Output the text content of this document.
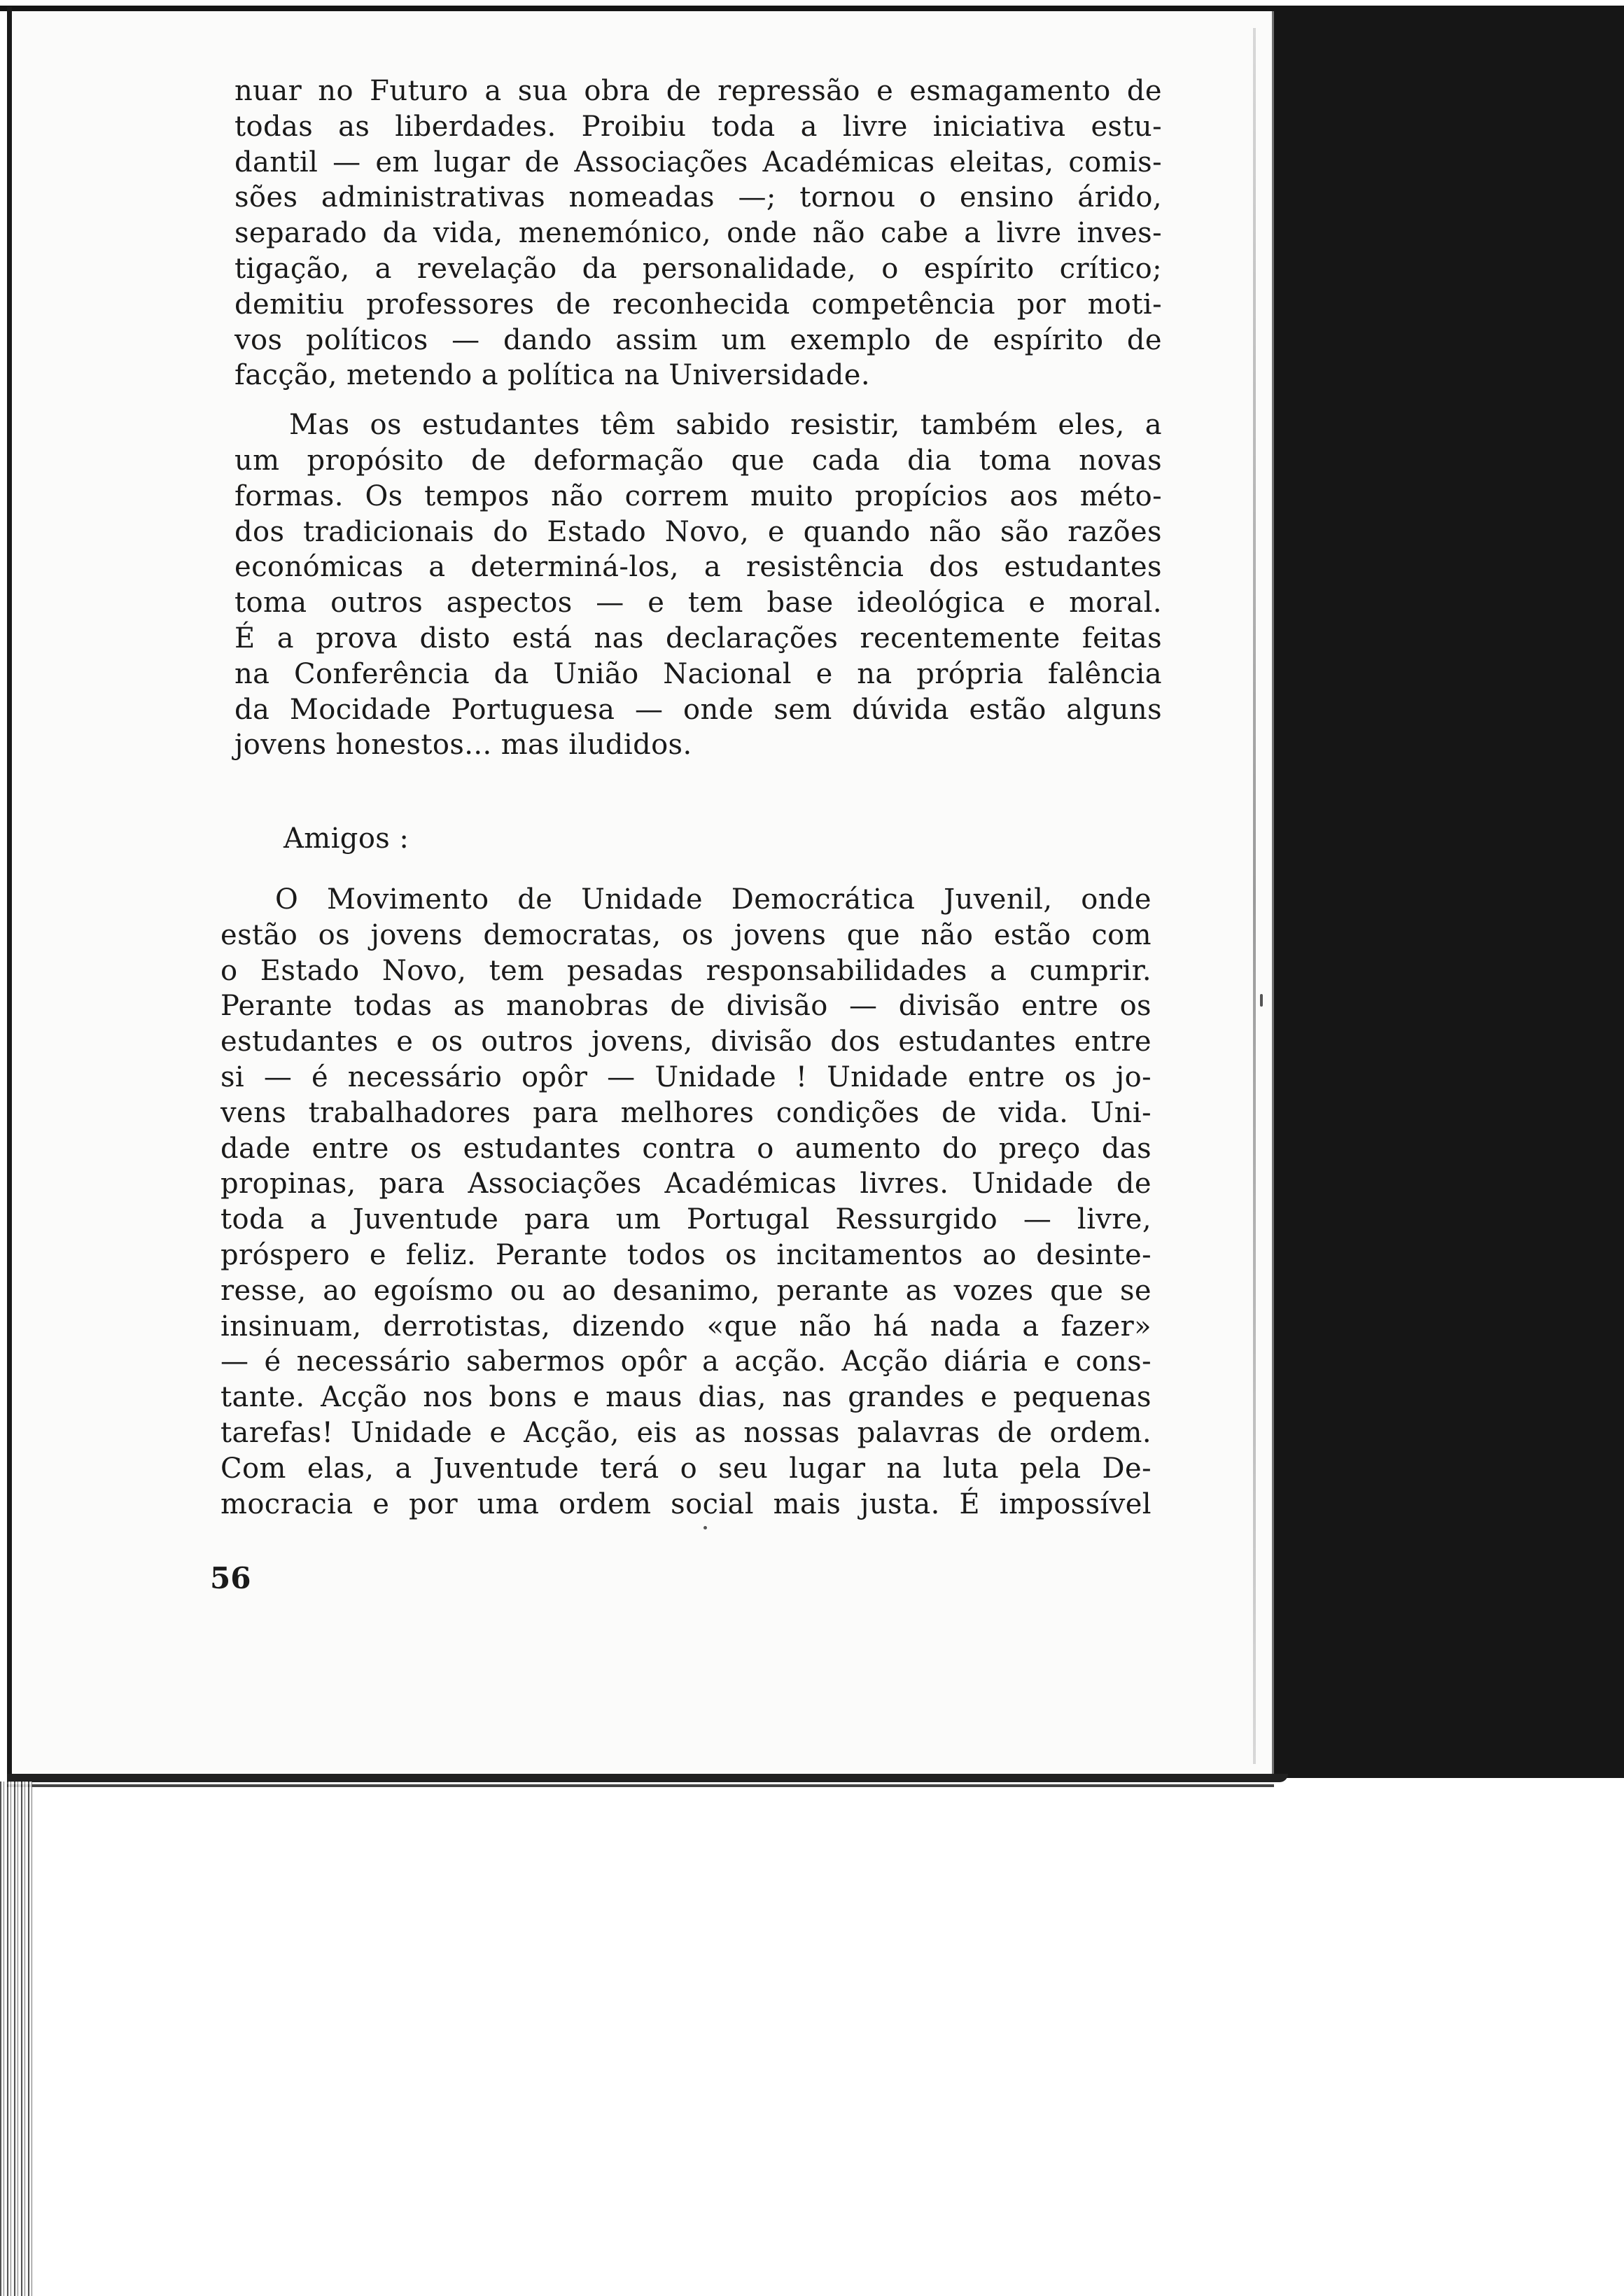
nuar no Futuro a sua obra de repressão e esmagamento de
todas as liberdades. Proibiu toda a livre iniciativa estu-
dantil — em lugar de Associações Académicas eleitas, comis-
sões administrativas nomeadas —; tornou o ensino árido,
separado da vida, menemónico, onde não cabe a livre inves-
tigação, a revelação da personalidade, o espírito crítico;
demitiu professores de reconhecida competência por moti-
vos políticos — dando assim um exemplo de espírito de
facção, metendo a política na Universidade.
Mas os estudantes têm sabido resistir, também eles, a
um propósito de deformação que cada dia toma novas
formas. Os tempos não correm muito propícios aos méto-
dos tradicionais do Estado Novo, e quando não são razões
económicas a determiná-los, a resistência dos estudantes
toma outros aspectos — e tem base ideológica e moral.
É a prova disto está nas declarações recentemente feitas
na Conferência da União Nacional e na própria falência
da Mocidade Portuguesa — onde sem dúvida estão alguns
jovens honestos... mas iludidos.
Amigos :
O Movimento de Unidade Democrática Juvenil, onde
estão os jovens democratas, os jovens que não estão com
o Estado Novo, tem pesadas responsabilidades a cumprir.
Perante todas as manobras de divisão — divisão entre os
estudantes e os outros jovens, divisão dos estudantes entre
si — é necessário opôr — Unidade ! Unidade entre os jo-
vens trabalhadores para melhores condições de vida. Uni-
dade entre os estudantes contra o aumento do preço das
propinas, para Associações Académicas livres. Unidade de
toda a Juventude para um Portugal Ressurgido — livre,
próspero e feliz. Perante todos os incitamentos ao desinte-
resse, ao egoísmo ou ao desanimo, perante as vozes que se
insinuam, derrotistas, dizendo «que não há nada a fazer»
— é necessário sabermos opôr a acção. Acção diária e cons-
tante. Acção nos bons e maus dias, nas grandes e pequenas
tarefas! Unidade e Acção, eis as nossas palavras de ordem.
Com elas, a Juventude terá o seu lugar na luta pela De-
mocracia e por uma ordem social mais justa. É impossível
56
